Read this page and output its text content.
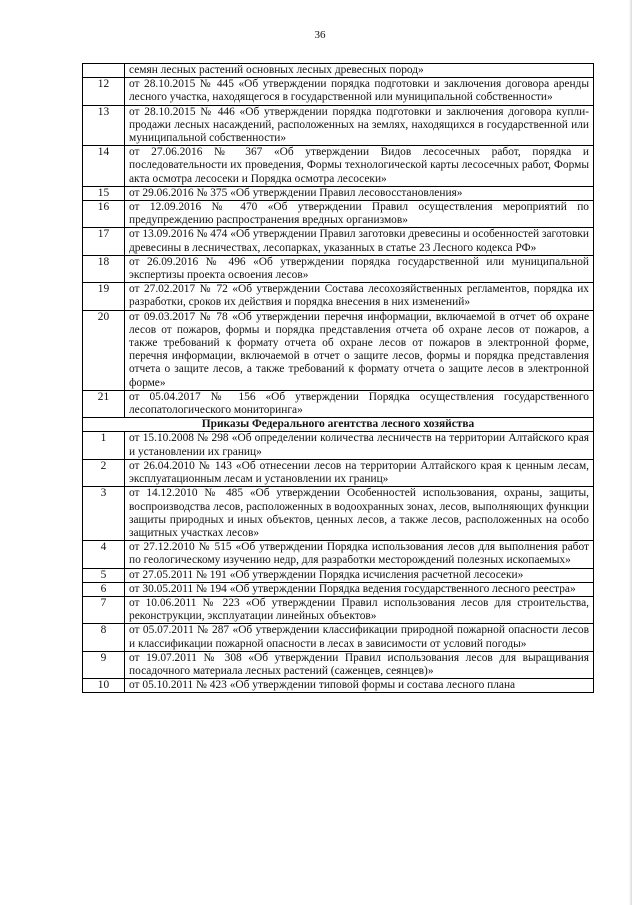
36
	семян лесных растений основных лесных древесных пород»
12	от 28.10.2015 № 445 «Об утверждении порядка подготовки и заключения договора аренды лесного участка, находящегося в государственной или муниципальной собственности»
13	от 28.10.2015 № 446 «Об утверждении порядка подготовки и заключения договора купли-продажи лесных насаждений, расположенных на землях, находящихся в государственной или муниципальной собственности»
14	от 27.06.2016 № 367 «Об утверждении Видов лесосечных работ, порядка и последовательности их проведения, Формы технологической карты лесосечных работ, Формы акта осмотра лесосеки и Порядка осмотра лесосеки»
15	от 29.06.2016 № 375 «Об утверждении Правил лесовосстановления»
16	от 12.09.2016 № 470 «Об утверждении Правил осуществления мероприятий по предупреждению распространения вредных организмов»
17	от 13.09.2016 № 474 «Об утверждении Правил заготовки древесины и особенностей заготовки древесины в лесничествах, лесопарках, указанных в статье 23 Лесного кодекса РФ»
18	от 26.09.2016 № 496 «Об утверждении порядка государственной или муниципальной экспертизы проекта освоения лесов»
19	от 27.02.2017 № 72 «Об утверждении Состава лесохозяйственных регламентов, порядка их разработки, сроков их действия и порядка внесения в них изменений»
20	от 09.03.2017 № 78 «Об утверждении перечня информации, включаемой в отчет об охране лесов от пожаров, формы и порядка представления отчета об охране лесов от пожаров, а также требований к формату отчета об охране лесов от пожаров в электронной форме, перечня информации, включаемой в отчет о защите лесов, формы и порядка представления отчета о защите лесов, а также требований к формату отчета о защите лесов в электронной форме»
21	от 05.04.2017 № 156 «Об утверждении Порядка осуществления государственного лесопатологического мониторинга»
Приказы Федерального агентства лесного хозяйства	
1	от 15.10.2008 № 298 «Об определении количества лесничеств на территории Алтайского края и установлении их границ»
2	от 26.04.2010 № 143 «Об отнесении лесов на территории Алтайского края к ценным лесам, эксплуатационным лесам и установлении их границ»
3	от 14.12.2010 № 485 «Об утверждении Особенностей использования, охраны, защиты, воспроизводства лесов, расположенных в водоохранных зонах, лесов, выполняющих функции защиты природных и иных объектов, ценных лесов, а также лесов, расположенных на особо защитных участках лесов»
4	от 27.12.2010 № 515 «Об утверждении Порядка использования лесов для выполнения работ по геологическому изучению недр, для разработки месторождений полезных ископаемых»
5	от 27.05.2011 № 191 «Об утверждении Порядка исчисления расчетной лесосеки»
6	от 30.05.2011 № 194 «Об утверждении Порядка ведения государственного лесного реестра»
7	от 10.06.2011 № 223 «Об утверждении Правил использования лесов для строительства, реконструкции, эксплуатации линейных объектов»
8	от 05.07.2011 № 287 «Об утверждении классификации природной пожарной опасности лесов и классификации пожарной опасности в лесах в зависимости от условий погоды»
9	от 19.07.2011 № 308 «Об утверждении Правил использования лесов для выращивания посадочного материала лесных растений (саженцев, сеянцев)»
10	от 05.10.2011 № 423 «Об утверждении типовой формы и состава лесного плана
